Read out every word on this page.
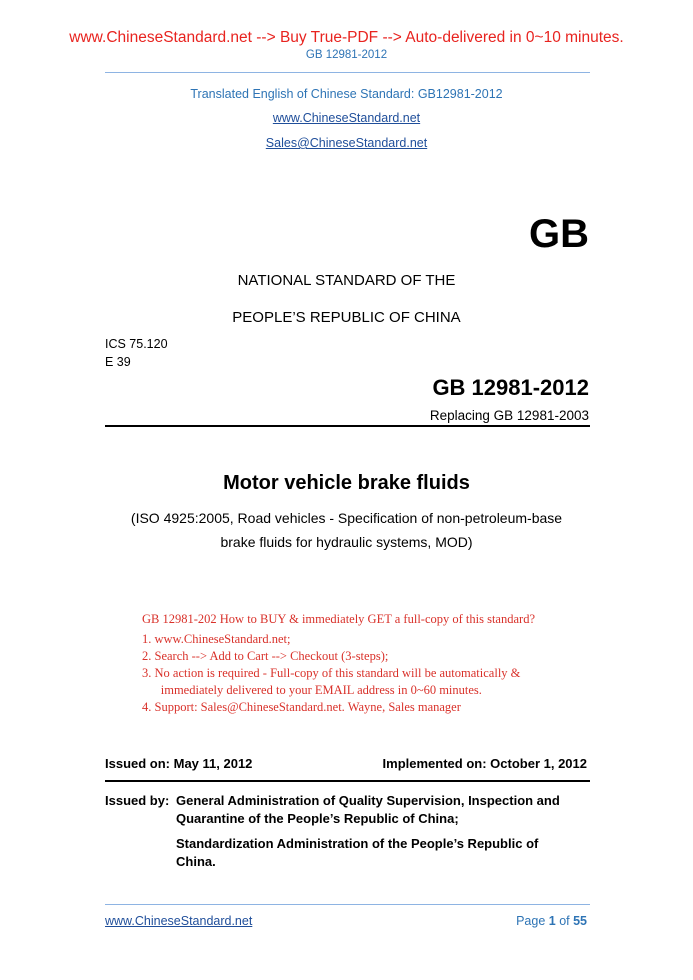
www.ChineseStandard.net --> Buy True-PDF --> Auto-delivered in 0~10 minutes.
GB 12981-2012
Translated English of Chinese Standard: GB12981-2012
www.ChineseStandard.net
Sales@ChineseStandard.net
GB
NATIONAL STANDARD OF THE
PEOPLE’S REPUBLIC OF CHINA
ICS 75.120
E 39
GB 12981-2012
Replacing GB 12981-2003
Motor vehicle brake fluids
(ISO 4925:2005, Road vehicles - Specification of non-petroleum-base
brake fluids for hydraulic systems, MOD)
GB 12981-202 How to BUY & immediately GET a full-copy of this standard?
1. www.ChineseStandard.net;
2. Search --> Add to Cart --> Checkout (3-steps);
3. No action is required - Full-copy of this standard will be automatically &
immediately delivered to your EMAIL address in 0~60 minutes.
4. Support: Sales@ChineseStandard.net. Wayne, Sales manager
Issued on: May 11, 2012	Implemented on: October 1, 2012
Issued by: General Administration of Quality Supervision, Inspection and
Quarantine of the People’s Republic of China;
Standardization Administration of the People’s Republic of
China.
www.ChineseStandard.net	Page 1 of 55
